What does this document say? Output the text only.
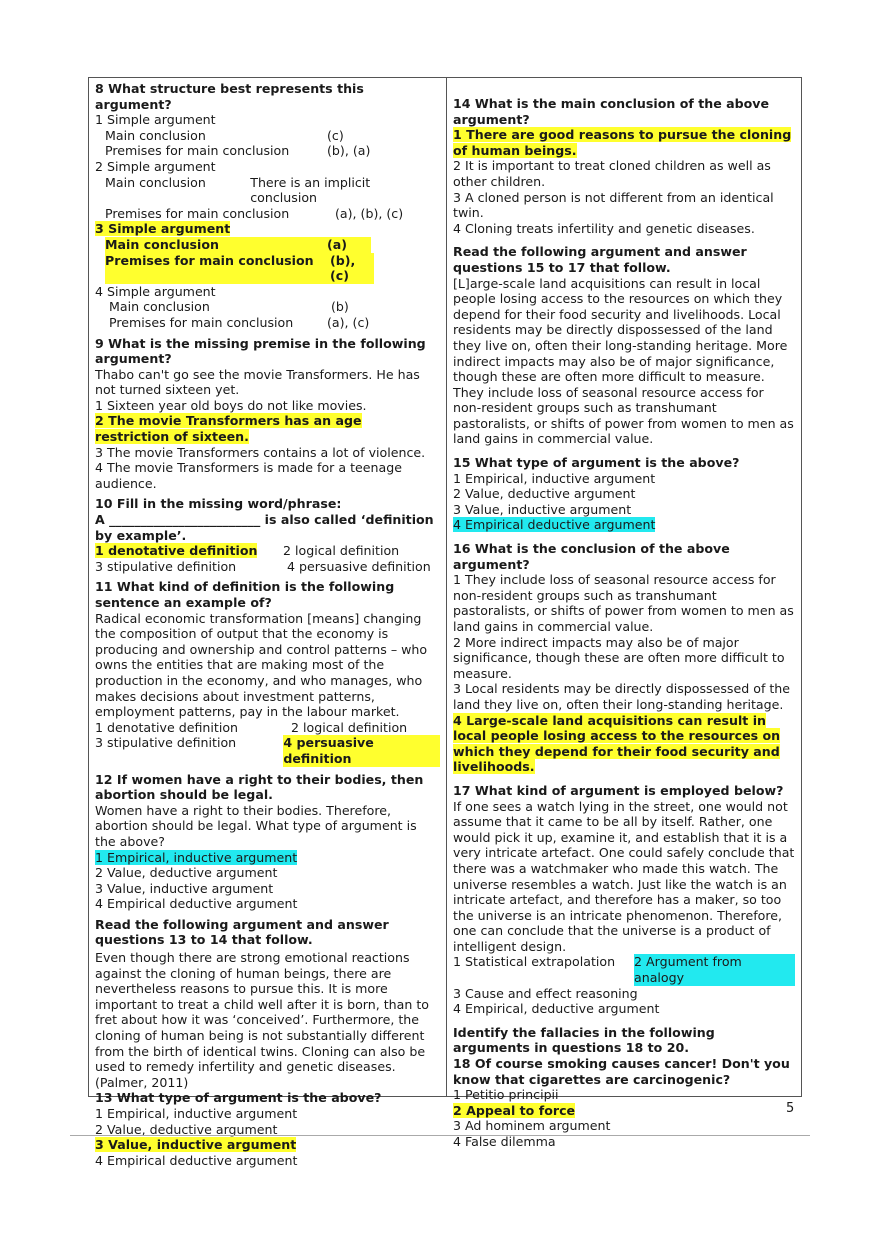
8 What structure best represents this argument?
1 Simple argument
Main conclusion	(c)
Premises for main conclusion	(b), (a)
2 Simple argument
Main conclusion	There is an implicit conclusion
Premises for main conclusion	(a), (b), (c)
3 Simple argument
Main conclusion	(a)
Premises for main conclusion	(b), (c)
4 Simple argument
Main conclusion	(b)
Premises for main conclusion	(a), (c)
9 What is the missing premise in the following argument?
Thabo can't go see the movie Transformers. He has not turned sixteen yet.
1 Sixteen year old boys do not like movies.
2 The movie Transformers has an age restriction of sixteen.
3 The movie Transformers contains a lot of violence.
4 The movie Transformers is made for a teenage audience.
10 Fill in the missing word/phrase:
A ________________________ is also called ‘definition by example’.
1 denotative definition	2 logical definition
3 stipulative definition	4 persuasive definition
11 What kind of definition is the following sentence an example of?
Radical economic transformation [means] changing the composition of output that the economy is producing and ownership and control patterns – who owns the entities that are making most of the production in the economy, and who manages, who makes decisions about investment patterns, employment patterns, pay in the labour market.
1 denotative definition	2 logical definition
3 stipulative definition	4 persuasive definition
12 If women have a right to their bodies, then abortion should be legal.
Women have a right to their bodies. Therefore, abortion should be legal. What type of argument is the above?
1 Empirical, inductive argument
2 Value, deductive argument
3 Value, inductive argument
4 Empirical deductive argument
Read the following argument and answer questions 13 to 14 that follow.
Even though there are strong emotional reactions against the cloning of human beings, there are nevertheless reasons to pursue this. It is more important to treat a child well after it is born, than to fret about how it was ‘conceived’. Furthermore, the cloning of human being is not substantially different from the birth of identical twins. Cloning can also be used to remedy infertility and genetic diseases. (Palmer, 2011)
13 What type of argument is the above?
1 Empirical, inductive argument
2 Value, deductive argument
3 Value, inductive argument
4 Empirical deductive argument
14 What is the main conclusion of the above argument?
1 There are good reasons to pursue the cloning of human beings.
2 It is important to treat cloned children as well as other children.
3 A cloned person is not different from an identical twin.
4 Cloning treats infertility and genetic diseases.
Read the following argument and answer questions 15 to 17 that follow.
[L]arge-scale land acquisitions can result in local people losing access to the resources on which they depend for their food security and livelihoods. Local residents may be directly dispossessed of the land they live on, often their long-standing heritage. More indirect impacts may also be of major significance, though these are often more difficult to measure. They include loss of seasonal resource access for non-resident groups such as transhumant pastoralists, or shifts of power from women to men as land gains in commercial value.
15 What type of argument is the above?
1 Empirical, inductive argument
2 Value, deductive argument
3 Value, inductive argument
4 Empirical deductive argument
16 What is the conclusion of the above argument?
1 They include loss of seasonal resource access for non-resident groups such as transhumant pastoralists, or shifts of power from women to men as land gains in commercial value.
2 More indirect impacts may also be of major significance, though these are often more difficult to measure.
3 Local residents may be directly dispossessed of the land they live on, often their long-standing heritage.
4 Large-scale land acquisitions can result in local people losing access to the resources on which they depend for their food security and livelihoods.
17 What kind of argument is employed below?
If one sees a watch lying in the street, one would not assume that it came to be all by itself. Rather, one would pick it up, examine it, and establish that it is a very intricate artefact. One could safely conclude that there was a watchmaker who made this watch. The universe resembles a watch. Just like the watch is an intricate artefact, and therefore has a maker, so too the universe is an intricate phenomenon. Therefore, one can conclude that the universe is a product of intelligent design.
1 Statistical extrapolation	2 Argument from analogy
3 Cause and effect reasoning
4 Empirical, deductive argument
Identify the fallacies in the following arguments in questions 18 to 20.
18 Of course smoking causes cancer! Don't you know that cigarettes are carcinogenic?
1 Petitio principii
2 Appeal to force
3 Ad hominem argument
4 False dilemma
5
